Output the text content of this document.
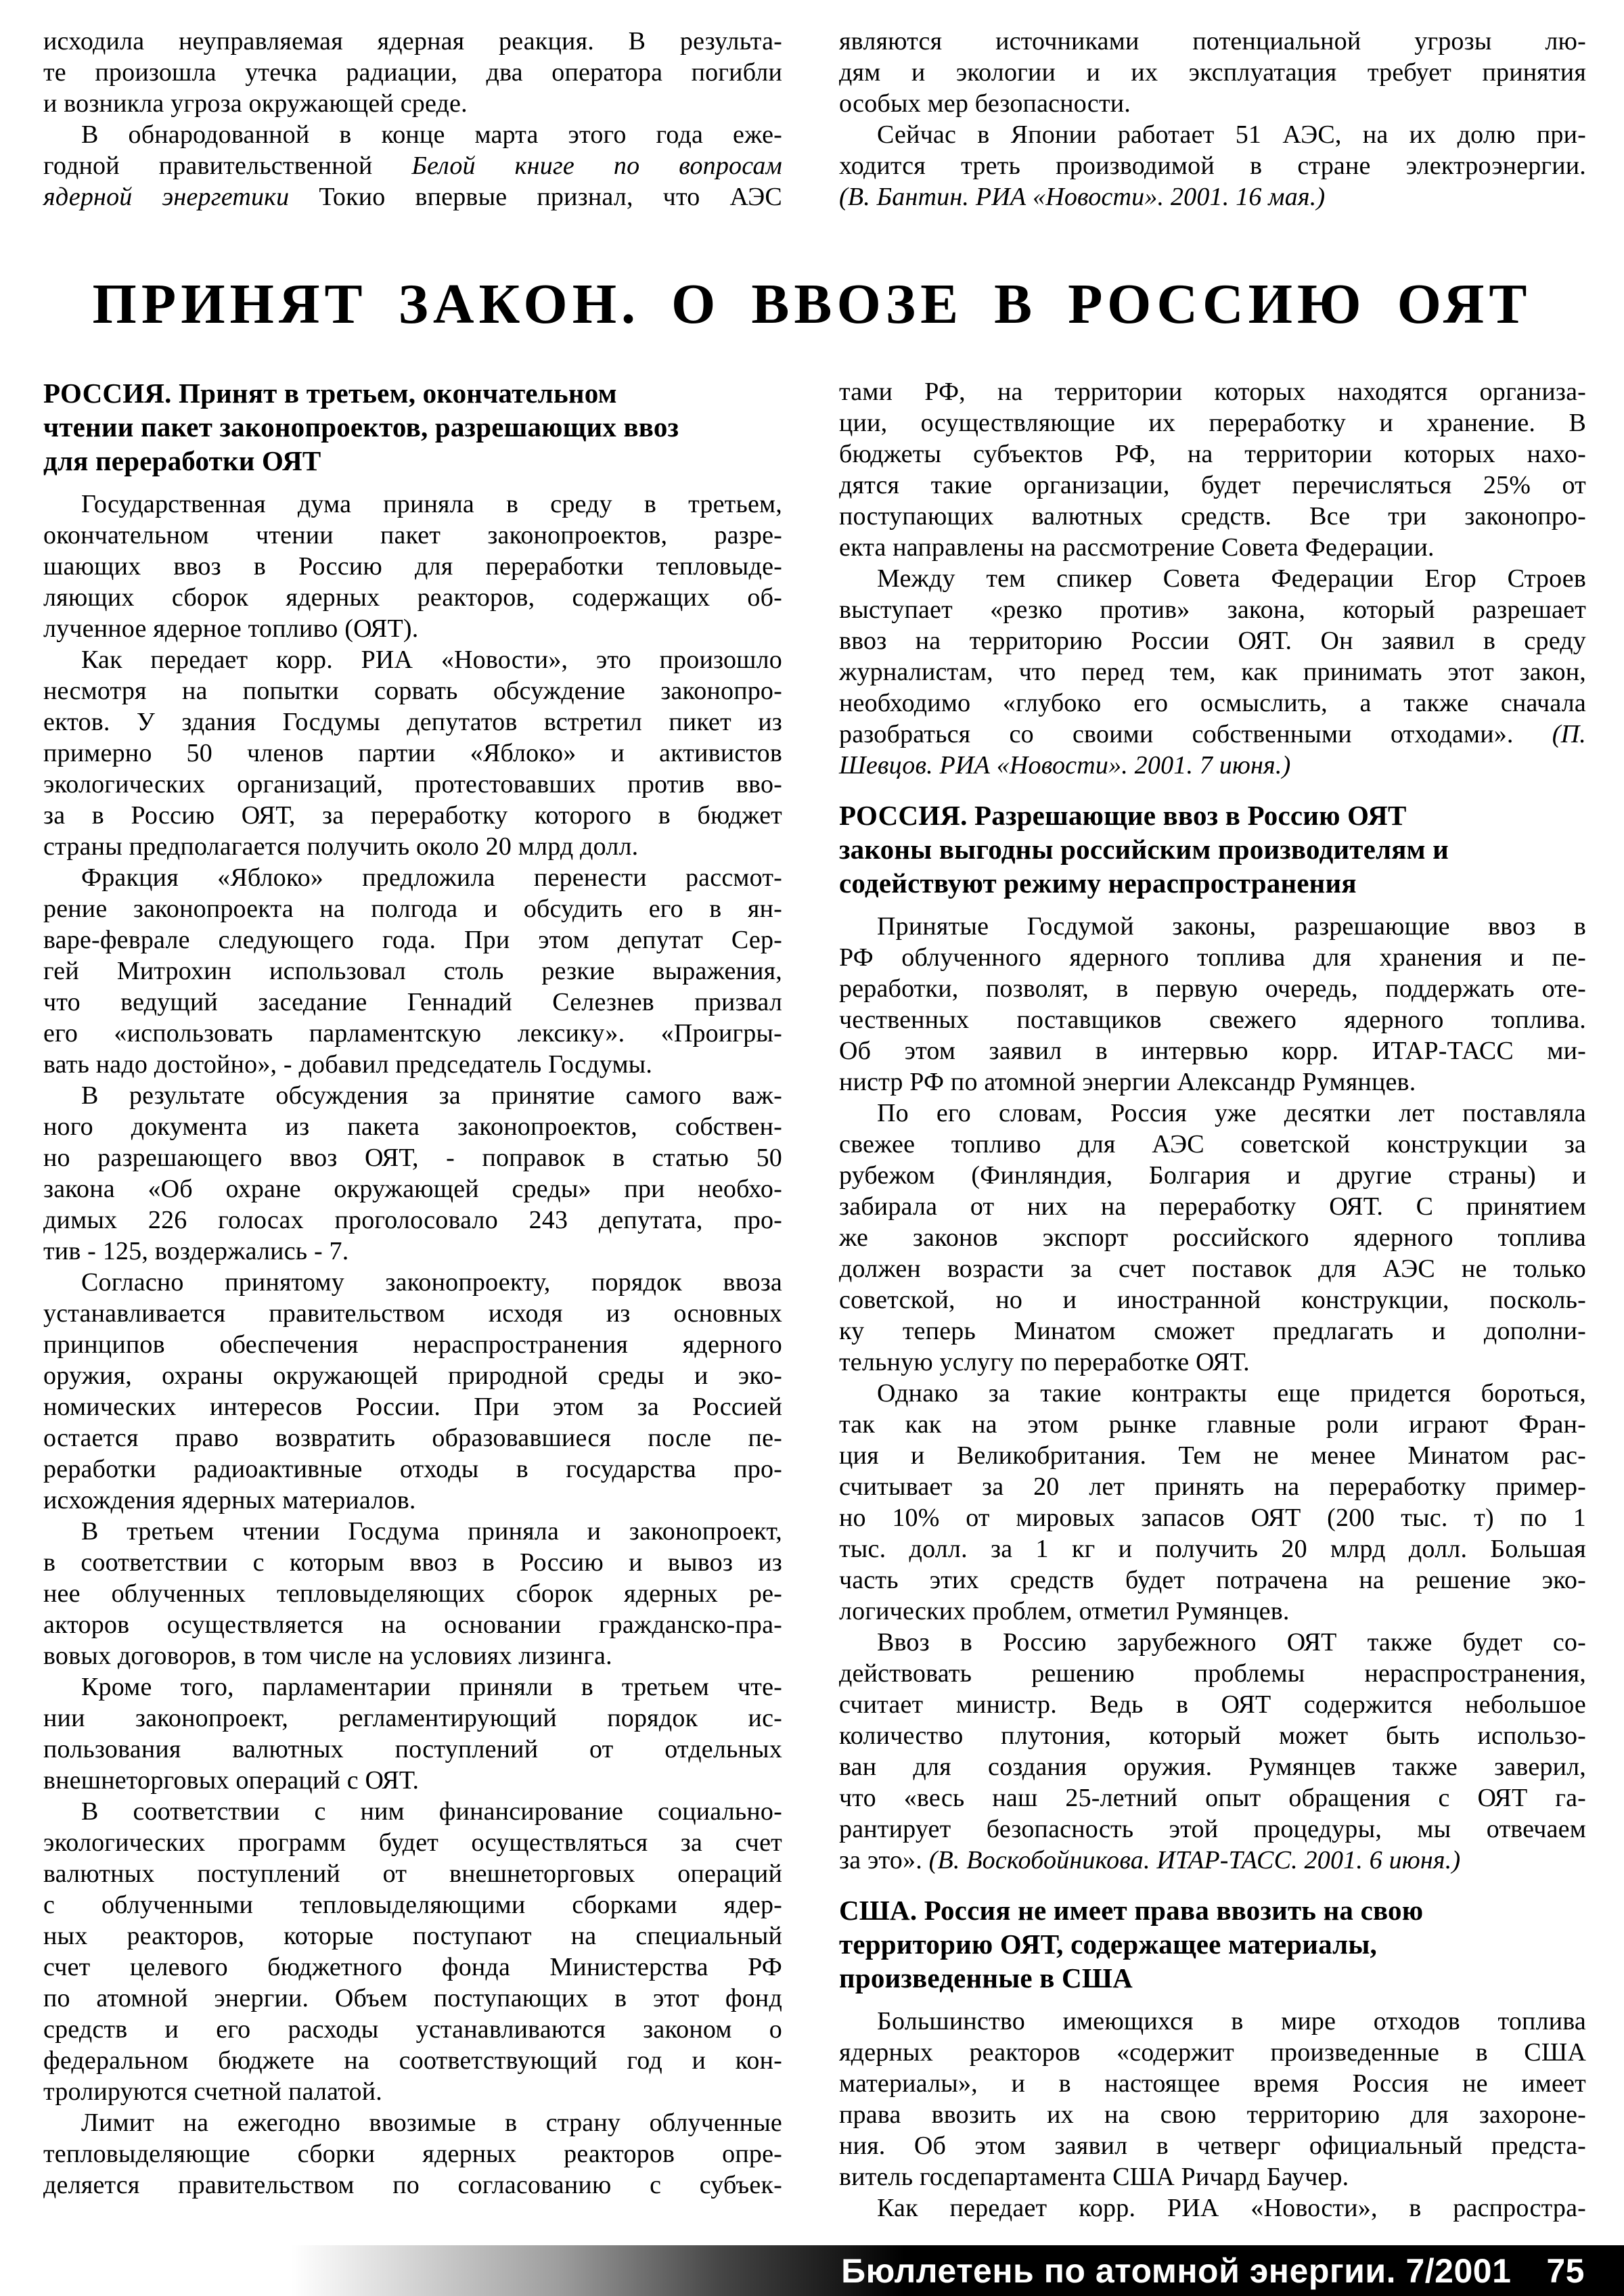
исходила неуправляемая ядерная реакция. В результа-
те произошла утечка радиации, два оператора погибли
и возникла угроза окружающей среде.
В обнародованной в конце марта этого года еже-
годной правительственной Белой книге по вопросам
ядерной энергетики Токио впервые признал, что АЭС
являются источниками потенциальной угрозы лю-
дям и экологии и их эксплуатация требует принятия
особых мер безопасности.
Сейчас в Японии работает 51 АЭС, на их долю при-
ходится треть производимой в стране электроэнергии.
(В. Бантин. РИА «Новости». 2001. 16 мая.)
ПРИНЯТ ЗАКОН. О ВВОЗЕ В РОССИЮ ОЯТ
РОССИЯ. Принят в третьем, окончательном
чтении пакет законопроектов, разрешающих ввоз
для переработки ОЯТ
Государственная дума приняла в среду в третьем,
окончательном чтении пакет законопроектов, разре-
шающих ввоз в Россию для переработки тепловыде-
ляющих сборок ядерных реакторов, содержащих об-
лученное ядерное топливо (ОЯТ).
Как передает корр. РИА «Новости», это произошло
несмотря на попытки сорвать обсуждение законопро-
ектов. У здания Госдумы депутатов встретил пикет из
примерно 50 членов партии «Яблоко» и активистов
экологических организаций, протестовавших против вво-
за в Россию ОЯТ, за переработку которого в бюджет
страны предполагается получить около 20 млрд долл.
Фракция «Яблоко» предложила перенести рассмот-
рение законопроекта на полгода и обсудить его в ян-
варе-феврале следующего года. При этом депутат Сер-
гей Митрохин использовал столь резкие выражения,
что ведущий заседание Геннадий Селезнев призвал
его «использовать парламентскую лексику». «Проигры-
вать надо достойно», - добавил председатель Госдумы.
В результате обсуждения за принятие самого важ-
ного документа из пакета законопроектов, собствен-
но разрешающего ввоз ОЯТ, - поправок в статью 50
закона «Об охране окружающей среды» при необхо-
димых 226 голосах проголосовало 243 депутата, про-
тив - 125, воздержались - 7.
Согласно принятому законопроекту, порядок ввоза
устанавливается правительством исходя из основных
принципов обеспечения нераспространения ядерного
оружия, охраны окружающей природной среды и эко-
номических интересов России. При этом за Россией
остается право возвратить образовавшиеся после пе-
реработки радиоактивные отходы в государства про-
исхождения ядерных материалов.
В третьем чтении Госдума приняла и законопроект,
в соответствии с которым ввоз в Россию и вывоз из
нее облученных тепловыделяющих сборок ядерных ре-
акторов осуществляется на основании гражданско-пра-
вовых договоров, в том числе на условиях лизинга.
Кроме того, парламентарии приняли в третьем чте-
нии законопроект, регламентирующий порядок ис-
пользования валютных поступлений от отдельных
внешнеторговых операций с ОЯТ.
В соответствии с ним финансирование социально-
экологических программ будет осуществляться за счет
валютных поступлений от внешнеторговых операций
с облученными тепловыделяющими сборками ядер-
ных реакторов, которые поступают на специальный
счет целевого бюджетного фонда Министерства РФ
по атомной энергии. Объем поступающих в этот фонд
средств и его расходы устанавливаются законом о
федеральном бюджете на соответствующий год и кон-
тролируются счетной палатой.
Лимит на ежегодно ввозимые в страну облученные
тепловыделяющие сборки ядерных реакторов опре-
деляется правительством по согласованию с субъек-
тами РФ, на территории которых находятся организа-
ции, осуществляющие их переработку и хранение. В
бюджеты субъектов РФ, на территории которых нахо-
дятся такие организации, будет перечисляться 25% от
поступающих валютных средств. Все три законопро-
екта направлены на рассмотрение Совета Федерации.
Между тем спикер Совета Федерации Егор Строев
выступает «резко против» закона, который разрешает
ввоз на территорию России ОЯТ. Он заявил в среду
журналистам, что перед тем, как принимать этот закон,
необходимо «глубоко его осмыслить, а также сначала
разобраться со своими собственными отходами». (П.
Шевцов. РИА «Новости». 2001. 7 июня.)
РОССИЯ. Разрешающие ввоз в Россию ОЯТ
законы выгодны российским производителям и
содействуют режиму нераспространения
Принятые Госдумой законы, разрешающие ввоз в
РФ облученного ядерного топлива для хранения и пе-
реработки, позволят, в первую очередь, поддержать оте-
чественных поставщиков свежего ядерного топлива.
Об этом заявил в интервью корр. ИТАР-ТАСС ми-
нистр РФ по атомной энергии Александр Румянцев.
По его словам, Россия уже десятки лет поставляла
свежее топливо для АЭС советской конструкции за
рубежом (Финляндия, Болгария и другие страны) и
забирала от них на переработку ОЯТ. С принятием
же законов экспорт российского ядерного топлива
должен возрасти за счет поставок для АЭС не только
советской, но и иностранной конструкции, посколь-
ку теперь Минатом сможет предлагать и дополни-
тельную услугу по переработке ОЯТ.
Однако за такие контракты еще придется бороться,
так как на этом рынке главные роли играют Фран-
ция и Великобритания. Тем не менее Минатом рас-
считывает за 20 лет принять на переработку пример-
но 10% от мировых запасов ОЯТ (200 тыс. т) по 1
тыс. долл. за 1 кг и получить 20 млрд долл. Большая
часть этих средств будет потрачена на решение эко-
логических проблем, отметил Румянцев.
Ввоз в Россию зарубежного ОЯТ также будет со-
действовать решению проблемы нераспространения,
считает министр. Ведь в ОЯТ содержится небольшое
количество плутония, который может быть использо-
ван для создания оружия. Румянцев также заверил,
что «весь наш 25-летний опыт обращения с ОЯТ га-
рантирует безопасность этой процедуры, мы отвечаем
за это». (В. Воскобойникова. ИТАР-ТАСС. 2001. 6 июня.)
США. Россия не имеет права ввозить на свою
территорию ОЯТ, содержащее материалы,
произведенные в США
Большинство имеющихся в мире отходов топлива
ядерных реакторов «содержит произведенные в США
материалы», и в настоящее время Россия не имеет
права ввозить их на свою территорию для захороне-
ния. Об этом заявил в четверг официальный предста-
витель госдепартамента США Ричард Баучер.
Как передает корр. РИА «Новости», в распростра-
Бюллетень по атомной энергии. 7/2001 75
